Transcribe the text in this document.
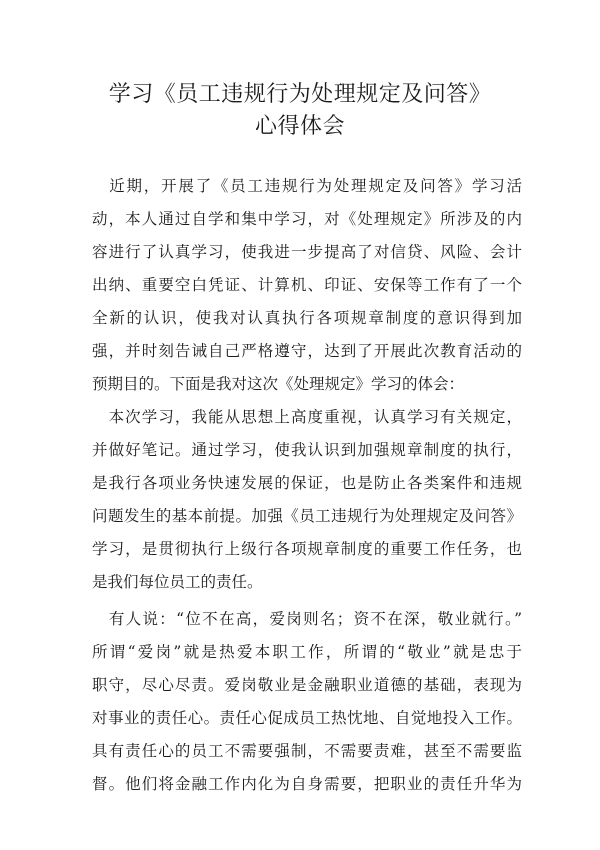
学习《员工违规行为处理规定及问答》
心得体会
　近期，开展了《员工违规行为处理规定及问答》学习活
动，本人通过自学和集中学习，对《处理规定》所涉及的内
容进行了认真学习，使我进一步提高了对信贷、风险、会计
出纳、重要空白凭证、计算机、印证、安保等工作有了一个
全新的认识，使我对认真执行各项规章制度的意识得到加
强，并时刻告诫自己严格遵守，达到了开展此次教育活动的
预期目的。下面是我对这次《处理规定》学习的体会：
　本次学习，我能从思想上高度重视，认真学习有关规定，
并做好笔记。通过学习，使我认识到加强规章制度的执行，
是我行各项业务快速发展的保证，也是防止各类案件和违规
问题发生的基本前提。加强《员工违规行为处理规定及问答》
学习，是贯彻执行上级行各项规章制度的重要工作任务，也
是我们每位员工的责任。
　有人说：“位不在高，爱岗则名；资不在深，敬业就行。”
所谓“爱岗”就是热爱本职工作，所谓的“敬业”就是忠于
职守，尽心尽责。爱岗敬业是金融职业道德的基础，表现为
对事业的责任心。责任心促成员工热忱地、自觉地投入工作。
具有责任心的员工不需要强制，不需要责难，甚至不需要监
督。他们将金融工作内化为自身需要，把职业的责任升华为
